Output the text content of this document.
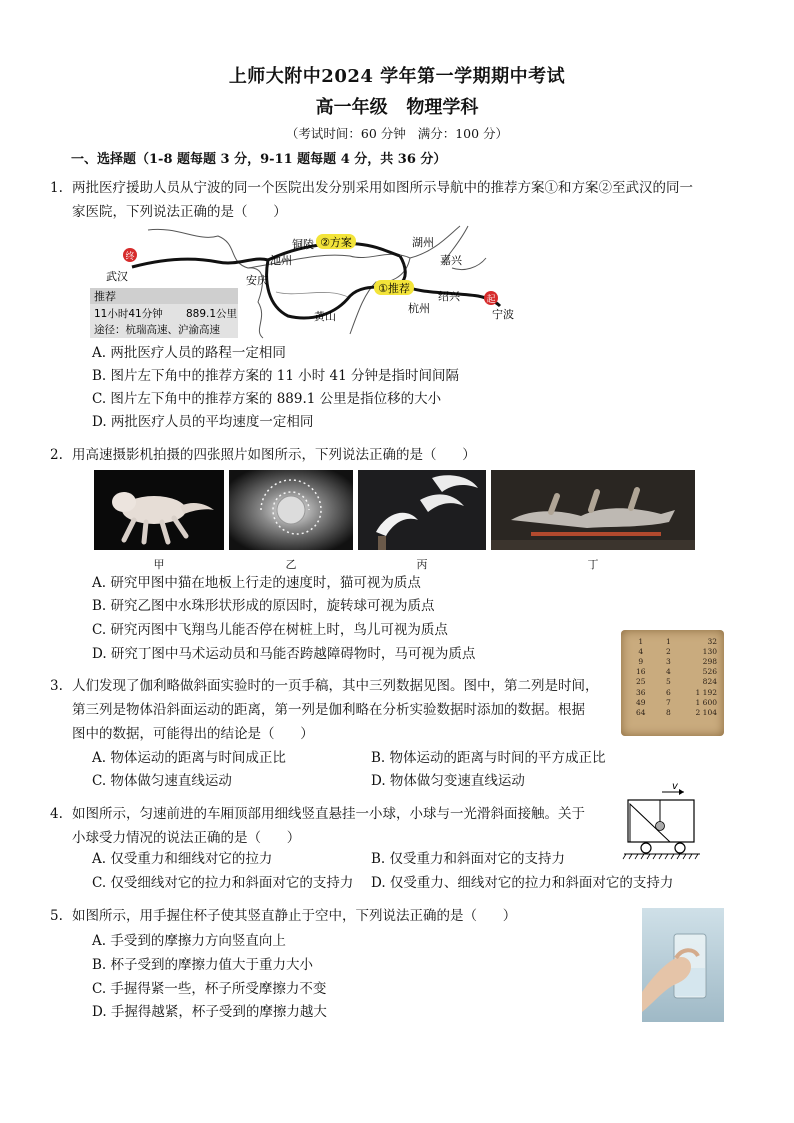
上师大附中2024 学年第一学期期中考试
高一年级   物理学科
（考试时间：60 分钟   满分：100 分）
一、选择题（1-8 题每题 3 分，9-11 题每题 4 分，共 36 分）
1. 两批医疗援助人员从宁波的同一个医院出发分别采用如图所示导航中的推荐方案①和方案②至武汉的同一
家医院，下列说法正确的是（      ）
终
起
②方案
①推荐
武汉
池州
铜陵
安庆
湖州
嘉兴
杭州
绍兴
宁波
黄山
推荐
11小时41分钟 889.1公里
途径：杭瑞高速、沪渝高速
A. 两批医疗人员的路程一定相同
B. 图片左下角中的推荐方案的 11 小时 41 分钟是指时间间隔
C. 图片左下角中的推荐方案的 889.1 公里是指位移的大小
D. 两批医疗人员的平均速度一定相同
2. 用高速摄影机拍摄的四张照片如图所示，下列说法正确的是（      ）
甲	乙	丙	丁
A. 研究甲图中猫在地板上行走的速度时，猫可视为质点
B. 研究乙图中水珠形状形成的原因时，旋转球可视为质点
C. 研究丙图中飞翔鸟儿能否停在树桩上时，鸟儿可视为质点
D. 研究丁图中马术运动员和马能否跨越障碍物时，马可视为质点
1	1	32
4	2	130
9	3	298
16	4	526
25	5	824
36	6	1 192
49	7	1 600
64	8	2 104
3. 人们发现了伽利略做斜面实验时的一页手稿，其中三列数据见图。图中，第二列是时间，
第三列是物体沿斜面运动的距离，第一列是伽利略在分析实验数据时添加的数据。根据
图中的数据，可能得出的结论是（      ）
A. 物体运动的距离与时间成正比	B. 物体运动的距离与时间的平方成正比
C. 物体做匀速直线运动	D. 物体做匀变速直线运动
4. 如图所示，匀速前进的车厢顶部用细线竖直悬挂一小球，小球与一光滑斜面接触。关于
小球受力情况的说法正确的是（      ）
v
A. 仅受重力和细线对它的拉力	B. 仅受重力和斜面对它的支持力
C. 仅受细线对它的拉力和斜面对它的支持力 D. 仅受重力、细线对它的拉力和斜面对它的支持力
5. 如图所示，用手握住杯子使其竖直静止于空中，下列说法正确的是（      ）
A. 手受到的摩擦力方向竖直向上
B. 杯子受到的摩擦力值大于重力大小
C. 手握得紧一些，杯子所受摩擦力不变
D. 手握得越紧，杯子受到的摩擦力越大
